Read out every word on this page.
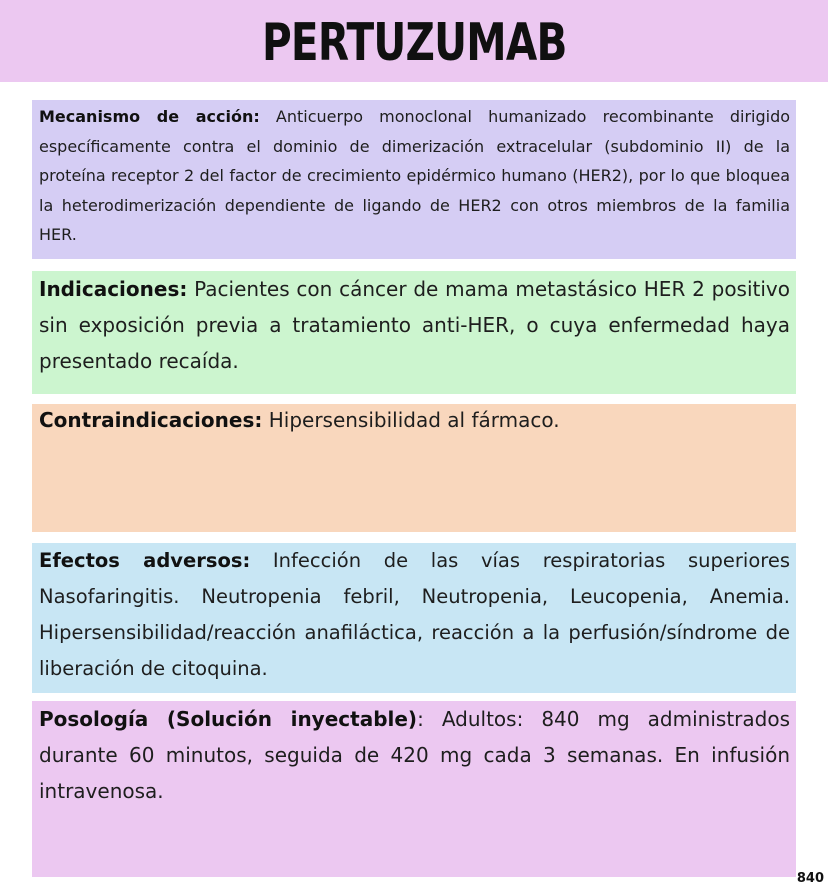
PERTUZUMAB

Mecanismo de acción: Anticuerpo monoclonal humanizado recombinante dirigido específicamente contra el dominio de dimerización extracelular (subdominio II) de la proteína receptor 2 del factor de crecimiento epidérmico humano (HER2), por lo que bloquea la heterodimerización dependiente de ligando de HER2 con otros miembros de la familia HER.

Indicaciones: Pacientes con cáncer de mama metastásico HER 2 positivo sin exposición previa a tratamiento anti-HER, o cuya enfermedad haya presentado recaída.

Contraindicaciones: Hipersensibilidad al fármaco.

Efectos adversos: Infección de las vías respiratorias superiores Nasofaringitis. Neutropenia febril, Neutropenia, Leucopenia, Anemia. Hipersensibilidad/reacción anafiláctica, reacción a la perfusión/síndrome de liberación de citoquina.

Posología (Solución inyectable): Adultos: 840 mg administrados durante 60 minutos, seguida de 420 mg cada 3 semanas. En infusión intravenosa.

840
